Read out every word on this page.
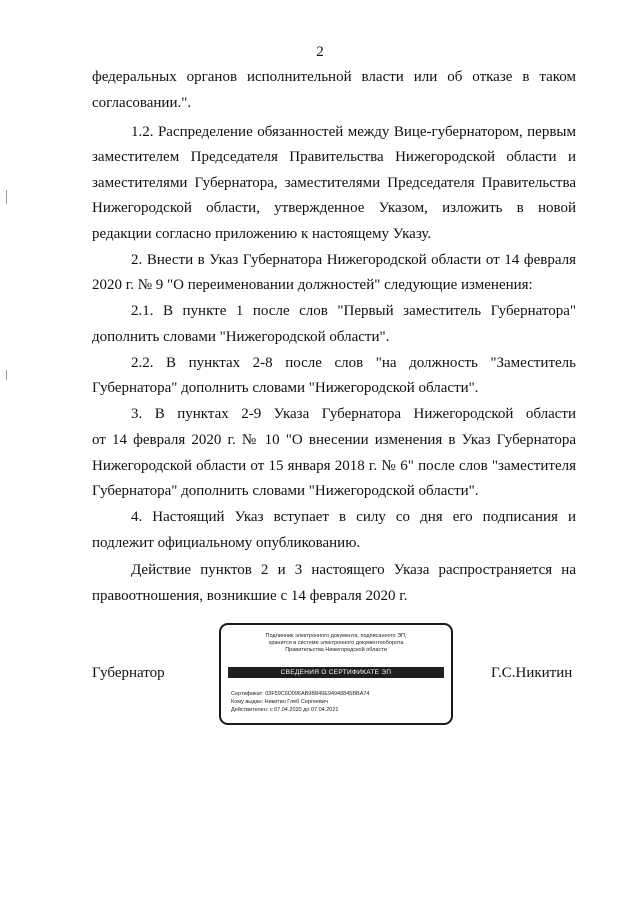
2
федеральных органов исполнительной власти или об отказе в таком
согласовании.".
1.2. Распределение обязанностей между Вице-губернатором, первым
заместителем Председателя Правительства Нижегородской области и
заместителями Губернатора, заместителями Председателя Правительства
Нижегородской области, утвержденное Указом, изложить в новой
редакции согласно приложению к настоящему Указу.
2. Внести в Указ Губернатора Нижегородской области от 14 февраля
2020 г. № 9 "О переименовании должностей" следующие изменения:
2.1. В пункте 1 после слов "Первый заместитель Губернатора"
дополнить словами "Нижегородской области".
2.2. В пунктах 2-8 после слов "на должность "Заместитель
Губернатора" дополнить словами "Нижегородской области".
3. В пунктах 2-9 Указа Губернатора Нижегородской области
от 14 февраля 2020 г. № 10 "О внесении изменения в Указ Губернатора
Нижегородской области от 15 января 2018 г. № 6" после слов "заместителя
Губернатора" дополнить словами "Нижегородской области".
4. Настоящий Указ вступает в силу со дня его подписания и
подлежит официальному опубликованию.
Действие пунктов 2 и 3 настоящего Указа распространяется на
правоотношения, возникшие с 14 февраля 2020 г.
Губернатор
Подлинник электронного документа, подписанного ЭП,
хранится в системе электронного документооборота
Правительства Нижегородской области
СВЕДЕНИЯ О СЕРТИФИКАТЕ ЭП
Сертификат: 03F59C6D096AB9B849E94948845BBA74
Кому выдан: Никитин Глеб Сергеевич
Действителен: с 07.04.2020 до 07.04.2021
Г.С.Никитин
